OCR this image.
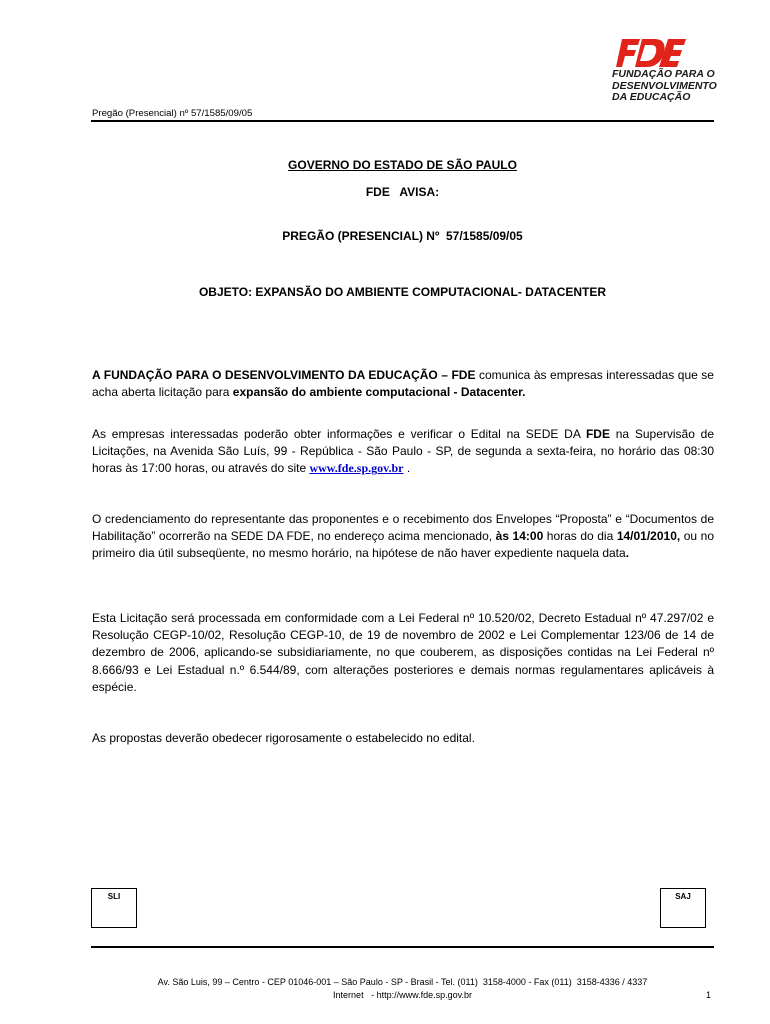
FUNDAÇÃO PARA O
DESENVOLVIMENTO
DA EDUCAÇÃO
Pregão (Presencial) nº 57/1585/09/05
GOVERNO DO ESTADO DE SÃO PAULO
FDE   AVISA:
PREGÃO (PRESENCIAL) Nº  57/1585/09/05
OBJETO: EXPANSÃO DO AMBIENTE COMPUTACIONAL- DATACENTER

A FUNDAÇÃO PARA O DESENVOLVIMENTO DA EDUCAÇÃO – FDE comunica às empresas interessadas que se acha aberta licitação para expansão do ambiente computacional - Datacenter.

As empresas interessadas poderão obter informações e verificar o Edital na SEDE DA FDE na Supervisão de Licitações, na Avenida São Luís, 99 - República - São Paulo - SP, de segunda a sexta-feira, no horário das 08:30 horas às 17:00 horas, ou através do site www.fde.sp.gov.br .

O credenciamento do representante das proponentes e o recebimento dos Envelopes “Proposta” e “Documentos de Habilitação” ocorrerão na SEDE DA FDE, no endereço acima mencionado, às 14:00 horas do dia 14/01/2010, ou no primeiro dia útil subseqüente, no mesmo horário, na hipótese de não haver expediente naquela data.

Esta Licitação será processada em conformidade com a Lei Federal nº 10.520/02, Decreto Estadual nº 47.297/02 e Resolução CEGP-10/02, Resolução CEGP-10, de 19 de novembro de 2002 e Lei Complementar 123/06 de 14 de dezembro de 2006, aplicando-se subsidiariamente, no que couberem, as disposições contidas na Lei Federal nº 8.666/93 e Lei Estadual n.º 6.544/89, com alterações posteriores e demais normas regulamentares aplicáveis à espécie.

As propostas deverão obedecer rigorosamente o estabelecido no edital.

SLI	SAJ
Av. São Luis, 99 – Centro - CEP 01046-001 – São Paulo - SP - Brasil - Tel. (011)  3158-4000 - Fax (011)  3158-4336 / 4337
Internet   - http://www.fde.sp.gov.br	1
